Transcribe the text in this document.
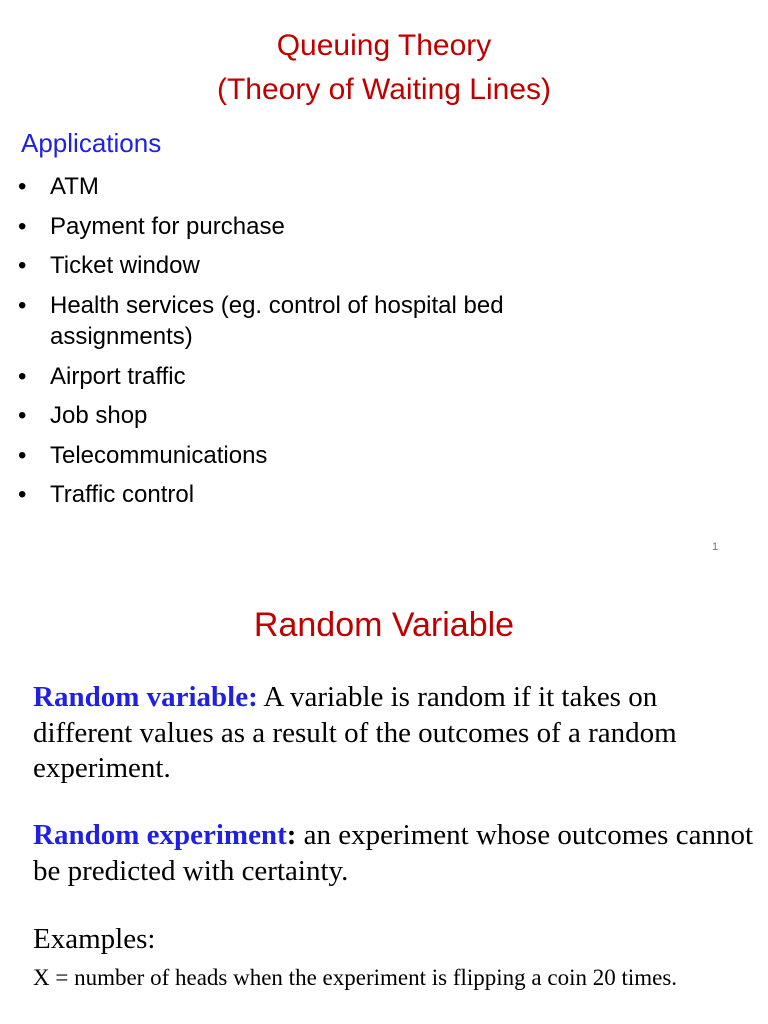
Queuing Theory
(Theory of Waiting Lines)
Applications
• ATM
• Payment for purchase
• Ticket window
• Health services (eg. control of hospital bed assignments)
• Airport traffic
• Job shop
• Telecommunications
• Traffic control
1
Random Variable
Random variable: A variable is random if it takes on different values as a result of the outcomes of a random experiment.
Random experiment: an experiment whose outcomes cannot be predicted with certainty.
Examples:
X = number of heads when the experiment is flipping a coin 20 times.
